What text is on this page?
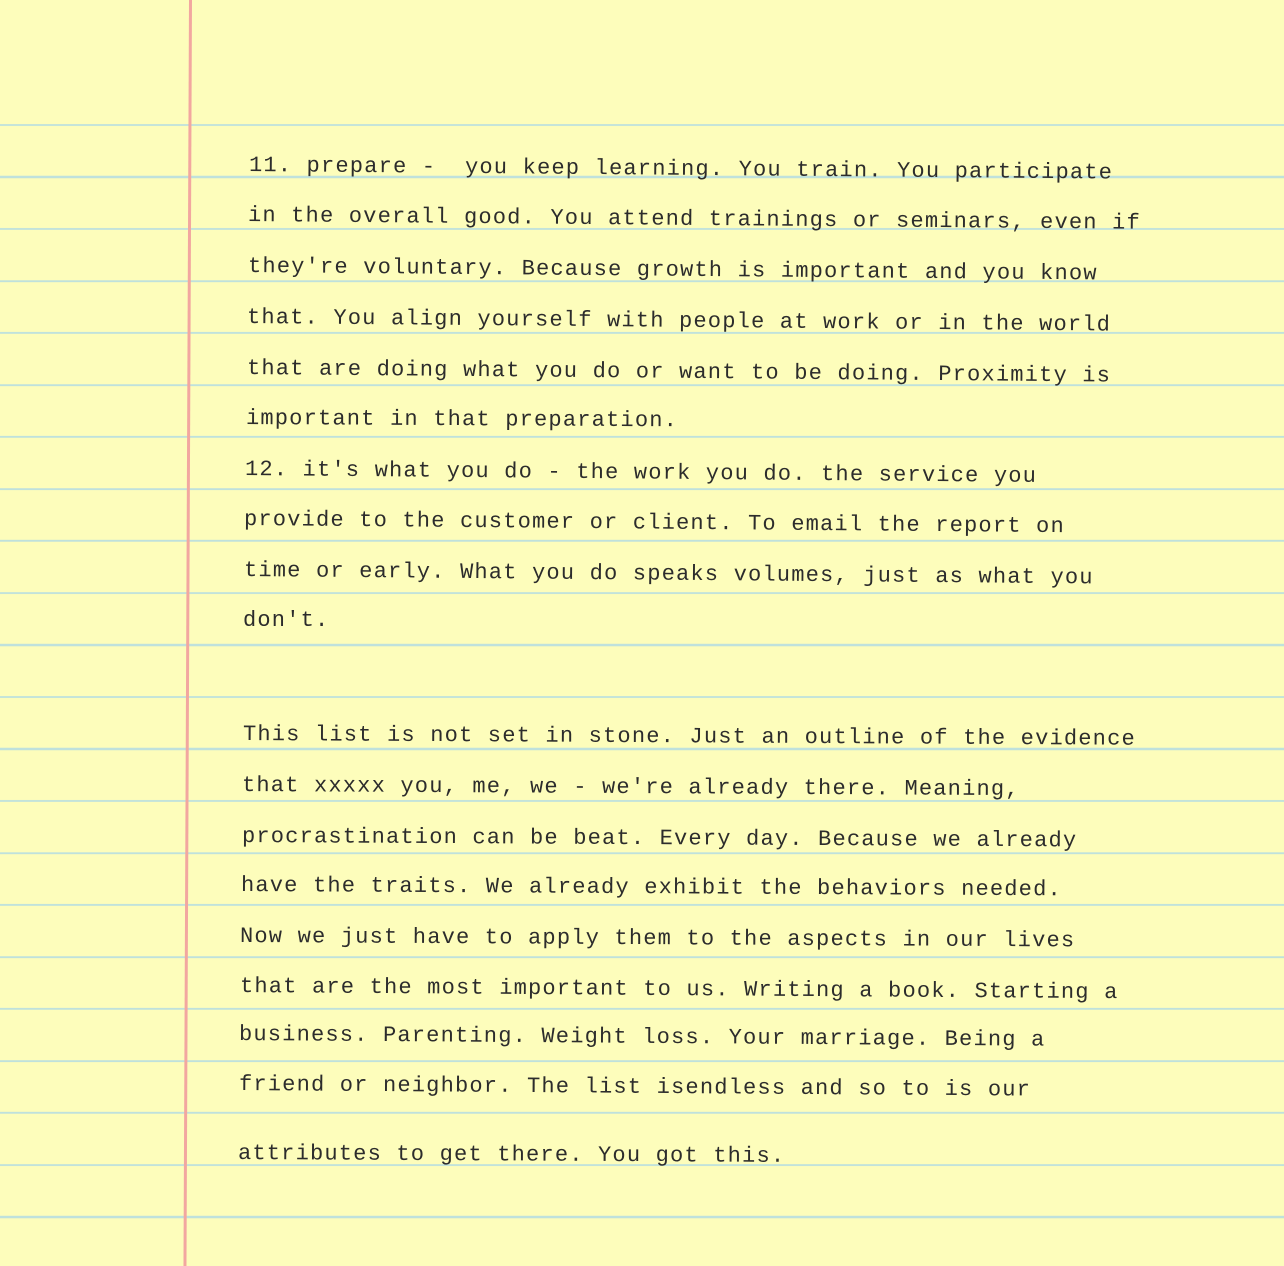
11. prepare -  you keep learning. You train. You participate
in the overall good. You attend trainings or seminars, even if
they're voluntary. Because growth is important and you know
that. You align yourself with people at work or in the world
that are doing what you do or want to be doing. Proximity is
important in that preparation.
12. it's what you do - the work you do. the service you
provide to the customer or client. To email the report on
time or early. What you do speaks volumes, just as what you
don't.
This list is not set in stone. Just an outline of the evidence
that xxxxx you, me, we - we're already there. Meaning,
procrastination can be beat. Every day. Because we already
have the traits. We already exhibit the behaviors needed.
Now we just have to apply them to the aspects in our lives
that are the most important to us. Writing a book. Starting a
business. Parenting. Weight loss. Your marriage. Being a
friend or neighbor. The list isendless and so to is our
attributes to get there. You got this.
